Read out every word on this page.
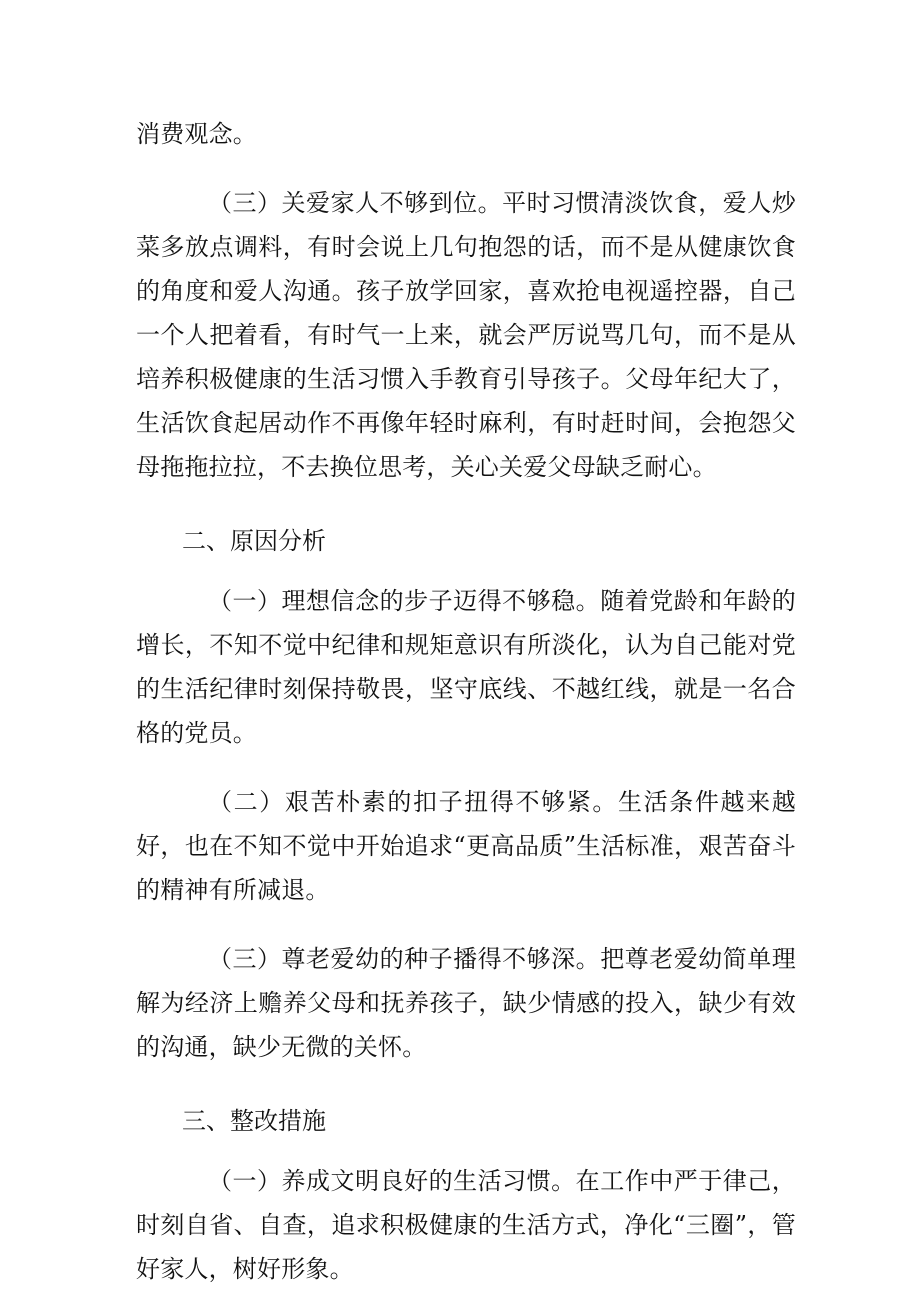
消费观念。

（三）关爱家人不够到位。平时习惯清淡饮食，爱人炒菜多放点调料，有时会说上几句抱怨的话，而不是从健康饮食的角度和爱人沟通。孩子放学回家，喜欢抢电视遥控器，自己一个人把着看，有时气一上来，就会严厉说骂几句，而不是从培养积极健康的生活习惯入手教育引导孩子。父母年纪大了，生活饮食起居动作不再像年轻时麻利，有时赶时间，会抱怨父母拖拖拉拉，不去换位思考，关心关爱父母缺乏耐心。

二、原因分析

（一）理想信念的步子迈得不够稳。随着党龄和年龄的增长，不知不觉中纪律和规矩意识有所淡化，认为自己能对党的生活纪律时刻保持敬畏，坚守底线、不越红线，就是一名合格的党员。

（二）艰苦朴素的扣子扭得不够紧。生活条件越来越好，也在不知不觉中开始追求“更高品质”生活标准，艰苦奋斗的精神有所减退。

（三）尊老爱幼的种子播得不够深。把尊老爱幼简单理解为经济上赡养父母和抚养孩子，缺少情感的投入，缺少有效的沟通，缺少无微的关怀。

三、整改措施

（一）养成文明良好的生活习惯。在工作中严于律己，时刻自省、自查，追求积极健康的生活方式，净化“三圈”，管好家人，树好形象。
